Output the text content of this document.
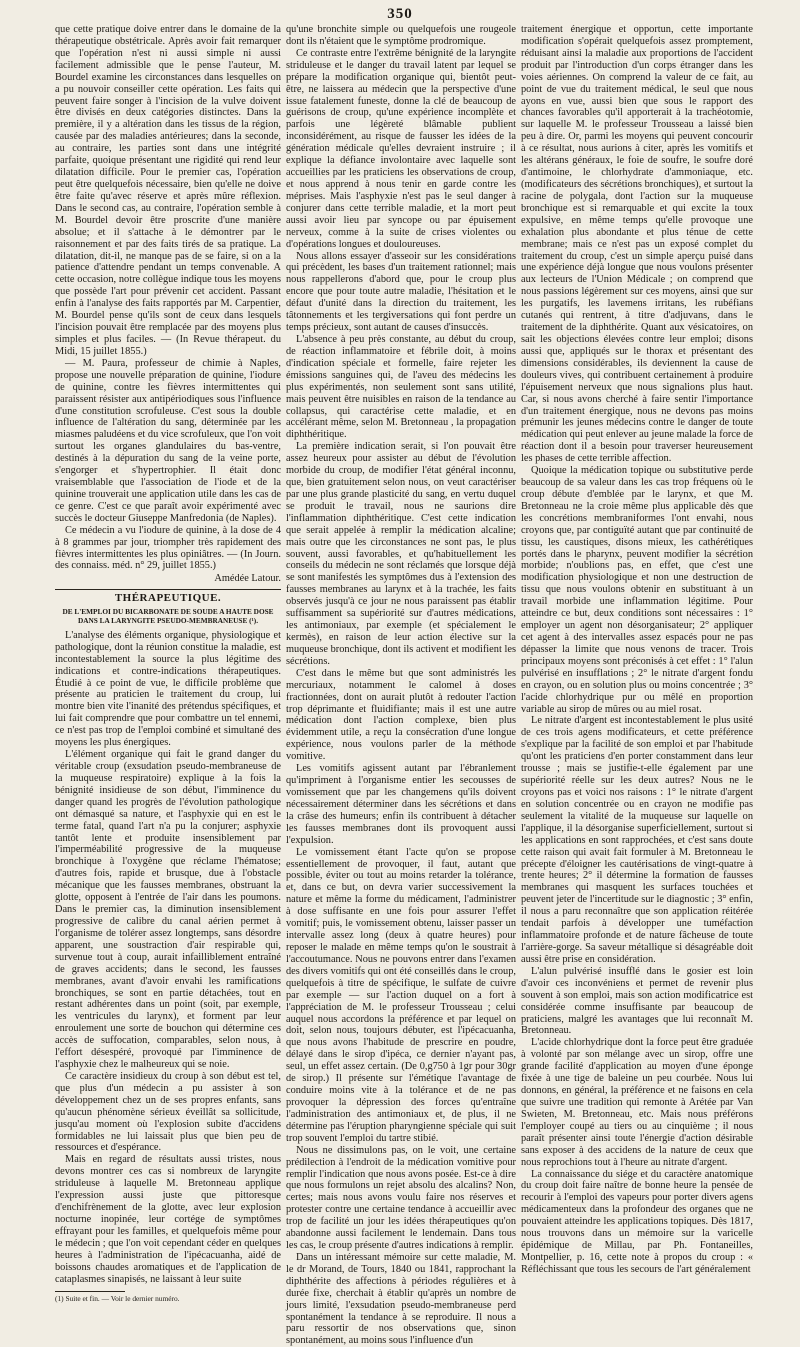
350

que cette pratique doive entrer dans le domaine de la thérapeutique obstétricale. Après avoir fait remarquer que l'opération n'est ni aussi simple ni aussi facilement admissible que le pense l'auteur, M. Bourdel examine les circonstances dans lesquelles on a pu nouvoir conseiller cette opération. Les faits qui peuvent faire songer à l'incision de la vulve doivent être divisés en deux catégories distinctes. Dans la première, il y a altération dans les tissus de la région, causée par des maladies antérieures; dans la seconde, au contraire, les parties sont dans une intégrité parfaite, quoique présentant une rigidité qui rend leur dilatation difficile. Pour le premier cas, l'opération peut être quelquefois nécessaire, bien qu'elle ne doive être faite qu'avec réserve et après mûre réflexion. Dans le second cas, au contraire, l'opération semble à M. Bourdel devoir être proscrite d'une manière absolue; et il s'attache à le démontrer par le raisonnement et par des faits tirés de sa pratique. La dilatation, dit-il, ne manque pas de se faire, si on a la patience d'attendre pendant un temps convenable. A cette occasion, notre collègue indique tous les moyens que possède l'art pour prévenir cet accident. Passant enfin à l'analyse des faits rapportés par M. Carpentier, M. Bourdel pense qu'ils sont de ceux dans lesquels l'incision pouvait être remplacée par des moyens plus simples et plus faciles. — (In Revue thérapeut. du Midi, 15 juillet 1855.)

— M. Paura, professeur de chimie à Naples, propose une nouvelle préparation de quinine, l'iodure de quinine, contre les fièvres intermittentes qui paraissent résister aux antipériodiques sous l'influence d'une constitution scrofuleuse. C'est sous la double influence de l'altération du sang, déterminée par les miasmes paludéens et du vice scrofuleux, que l'on voit surtout les organes glandulaires du bas-ventre, destinés à la dépuration du sang de la veine porte, s'engorger et s'hypertrophier. Il était donc vraisemblable que l'association de l'iode et de la quinine trouverait une application utile dans les cas de ce genre. C'est ce que paraît avoir expérimenté avec succès le docteur Giuseppe Manfredonia (de Naples).

Ce médecin a vu l'iodure de quinine, à la dose de 4 à 8 grammes par jour, triompher très rapidement des fièvres intermittentes les plus opiniâtres. — (In Journ. des connaiss. méd. n° 29, juillet 1855.)

Amédée Latour.
THÉRAPEUTIQUE.
DE L'EMPLOI DU BICARBONATE DE SOUDE A HAUTE DOSE DANS LA LARYNGITE PSEUDO-MEMBRANEUSE (¹).

L'analyse des éléments organique, physiologique et pathologique, dont la réunion constitue la maladie, est incontestablement la source la plus légitime des indications et contre-indications thérapeutiques. Étudié à ce point de vue, le difficile problème que présente au praticien le traitement du croup, lui montre bien vite l'inanité des prétendus spécifiques, et lui fait comprendre que pour combattre un tel ennemi, ce n'est pas trop de l'emploi combiné et simultané des moyens les plus énergiques.

L'élément organique qui fait le grand danger du véritable croup (exsudation pseudo-membraneuse de la muqueuse respiratoire) explique à la fois la bénignité insidieuse de son début, l'imminence du danger quand les progrès de l'évolution pathologique ont démasqué sa nature, et l'asphyxie qui en est le terme fatal, quand l'art n'a pu la conjurer; asphyxie tantôt lente et produite insensiblement par l'imperméabilité progressive de la muqueuse bronchique à l'oxygène que réclame l'hématose; d'autres fois, rapide et brusque, due à l'obstacle mécanique que les fausses membranes, obstruant la glotte, opposent à l'entrée de l'air dans les poumons. Dans le premier cas, la diminution insensiblement progressive de calibre du canal aérien permet à l'organisme de tolérer assez longtemps, sans désordre apparent, une soustraction d'air respirable qui, survenue tout à coup, aurait infailliblement entraîné de graves accidents; dans le second, les fausses membranes, avant d'avoir envahi les ramifications bronchiques, se sont en partie détachées, tout en restant adhérentes dans un point (soit, par exemple, les ventricules du larynx), et forment par leur enroulement une sorte de bouchon qui détermine ces accès de suffocation, comparables, selon nous, à l'effort désespéré, provoqué par l'imminence de l'asphyxie chez le malheureux qui se noie.

Ce caractère insidieux du croup à son début est tel, que plus d'un médecin a pu assister à son développement chez un de ses propres enfants, sans qu'aucun phénomène sérieux éveillât sa sollicitude, jusqu'au moment où l'explosion subite d'accidens formidables ne lui laissait plus que bien peu de ressources et d'espérance.

Mais en regard de résultats aussi tristes, nous devons montrer ces cas si nombreux de laryngite striduleuse à laquelle M. Bretonneau applique l'expression aussi juste que pittoresque d'enchifrènement de la glotte, avec leur explosion nocturne inopinée, leur cortége de symptômes effrayant pour les familles, et quelquefois même pour le médecin ; que l'on voit cependant céder en quelques heures à l'administration de l'ipécacuanha, aidé de boissons chaudes aromatiques et de l'application de cataplasmes sinapisés, ne laissant à leur suite

(1) Suite et fin. — Voir le dernier numéro.

qu'une bronchite simple ou quelquefois une rougeole dont ils n'étaient que le symptôme prodromique.

Ce contraste entre l'extrême bénignité de la laryngite striduleuse et le danger du travail latent par lequel se prépare la modification organique qui, bientôt peut-être, ne laissera au médecin que la perspective d'une issue fatalement funeste, donne la clé de beaucoup de guérisons de croup, qu'une expérience incomplète et parfois une légèreté blâmable publient inconsidérément, au risque de fausser les idées de la génération médicale qu'elles devraient instruire ; il explique la défiance involontaire avec laquelle sont accueillies par les praticiens les observations de croup, et nous apprend à nous tenir en garde contre les méprises. Mais l'asphyxie n'est pas le seul danger à conjurer dans cette terrible maladie, et la mort peut aussi avoir lieu par syncope ou par épuisement nerveux, comme à la suite de crises violentes ou d'opérations longues et douloureuses.

Nous allons essayer d'asseoir sur les considérations qui précèdent, les bases d'un traitement rationnel; mais nous rappellerons d'abord que, pour le croup plus encore que pour toute autre maladie, l'hésitation et le défaut d'unité dans la direction du traitement, les tâtonnements et les tergiversations qui font perdre un temps précieux, sont autant de causes d'insuccès.

L'absence à peu près constante, au début du croup, de réaction inflammatoire et fébrile doit, à moins d'indication spéciale et formelle, faire rejeter les émissions sanguines qui, de l'aveu des médecins les plus expérimentés, non seulement sont sans utilité, mais peuvent être nuisibles en raison de la tendance au collapsus, qui caractérise cette maladie, et en accélérant même, selon M. Bretonneau , la propagation diphthéritique.

La première indication serait, si l'on pouvait être assez heureux pour assister au début de l'évolution morbide du croup, de modifier l'état général inconnu, que, bien gratuitement selon nous, on veut caractériser par une plus grande plasticité du sang, en vertu duquel se produit le travail, nous ne saurions dire l'inflammation diphthéritique. C'est cette indication que serait appelée à remplir la médication alcaline; mais outre que les circonstances ne sont pas, le plus souvent, aussi favorables, et qu'habituellement les conseils du médecin ne sont réclamés que lorsque déjà se sont manifestés les symptômes dus à l'extension des fausses membranes au larynx et à la trachée, les faits observés jusqu'à ce jour ne nous paraissent pas établir suffisamment sa supériorité sur d'autres médications, les antimoniaux, par exemple (et spécialement le kermès), en raison de leur action élective sur la muqueuse bronchique, dont ils activent et modifient les sécrétions.

C'est dans le même but que sont administrés les mercuriaux, notamment le calomel à doses fractionnées, dont on aurait plutôt à redouter l'action trop déprimante et fluidifiante; mais il est une autre médication dont l'action complexe, bien plus évidemment utile, a reçu la consécration d'une longue expérience, nous voulons parler de la méthode vomitive.

Les vomitifs agissent autant par l'ébranlement qu'impriment à l'organisme entier les secousses de vomissement que par les changemens qu'ils doivent nécessairement déterminer dans les sécrétions et dans la crâse des humeurs; enfin ils contribuent à détacher les fausses membranes dont ils provoquent aussi l'expulsion.

Le vomissement étant l'acte qu'on se propose essentiellement de provoquer, il faut, autant que possible, éviter ou tout au moins retarder la tolérance, et, dans ce but, on devra varier successivement la nature et même la forme du médicament, l'administrer à dose suffisante en une fois pour assurer l'effet vomitif; puis, le vomissement obtenu, laisser passer un intervalle assez long (deux à quatre heures) pour reposer le malade en même temps qu'on le soustrait à l'accoutumance. Nous ne pouvons entrer dans l'examen des divers vomitifs qui ont été conseillés dans le croup, quelquefois à titre de spécifique, le sulfate de cuivre par exemple — sur l'action duquel on a fort à l'appréciation de M. le professeur Trousseau ; celui auquel nous accordons la préférence et par lequel on doit, selon nous, toujours débuter, est l'ipécacuanha, que nous avons l'habitude de prescrire en poudre, délayé dans le sirop d'ipéca, ce dernier n'ayant pas, seul, un effet assez certain. (De 0,g750 à 1gr pour 30gr de sirop.) Il présente sur l'émétique l'avantage de conduire moins vite à la tolérance et de ne pas provoquer la dépression des forces qu'entraîne l'administration des antimoniaux et, de plus, il ne détermine pas l'éruption pharyngienne spéciale qui suit trop souvent l'emploi du tartre stibié.

Nous ne dissimulons pas, on le voit, une certaine prédilection à l'endroit de la médication vomitive pour remplir l'indication que nous avons posée. Est-ce à dire que nous formulons un rejet absolu des alcalins? Non, certes; mais nous avons voulu faire nos réserves et protester contre une certaine tendance à accueillir avec trop de facilité un jour les idées thérapeutiques qu'on abandonne aussi facilement le lendemain. Dans tous les cas, le croup présente d'autres indications à remplir.

Dans un intéressant mémoire sur cette maladie, M. le dr Morand, de Tours, 1840 ou 1841, rapprochant la diphthérite des affections à périodes régulières et à durée fixe, cherchait à établir qu'après un nombre de jours limité, l'exsudation pseudo-membraneuse perd spontanément la tendance à se reproduire. Il nous a paru ressortir de nos observations que, sinon spontanément, au moins sous l'influence d'un

traitement énergique et opportun, cette importante modification s'opérait quelquefois assez promptement, réduisant ainsi la maladie aux proportions de l'accident produit par l'introduction d'un corps étranger dans les voies aériennes. On comprend la valeur de ce fait, au point de vue du traitement médical, le seul que nous ayons en vue, aussi bien que sous le rapport des chances favorables qu'il apporterait à la trachéotomie, sur laquelle M. le professeur Trousseau a laissé bien peu à dire. Or, parmi les moyens qui peuvent concourir à ce résultat, nous aurions à citer, après les vomitifs et les altérans généraux, le foie de soufre, le soufre doré d'antimoine, le chlorhydrate d'ammoniaque, etc. (modificateurs des sécrétions bronchiques), et surtout la racine de polygala, dont l'action sur la muqueuse bronchique est si remarquable et qui excite la toux expulsive, en même temps qu'elle provoque une exhalation plus abondante et plus ténue de cette membrane; mais ce n'est pas un exposé complet du traitement du croup, c'est un simple aperçu puisé dans une expérience déjà longue que nous voulons présenter aux lecteurs de l'Union Médicale ; on comprend que nous passions légèrement sur ces moyens, ainsi que sur les purgatifs, les lavemens irritans, les rubéfians cutanés qui rentrent, à titre d'adjuvans, dans le traitement de la diphthérite. Quant aux vésicatoires, on sait les objections élevées contre leur emploi; disons aussi que, appliqués sur le thorax et présentant des dimensions considérables, ils deviennent la cause de douleurs vives, qui contribuent certainement à produire l'épuisement nerveux que nous signalions plus haut. Car, si nous avons cherché à faire sentir l'importance d'un traitement énergique, nous ne devons pas moins prémunir les jeunes médecins contre le danger de toute médication qui peut enlever au jeune malade la force de réaction dont il a besoin pour traverser heureusement les phases de cette terrible affection.

Quoique la médication topique ou substitutive perde beaucoup de sa valeur dans les cas trop fréquens où le croup débute d'emblée par le larynx, et que M. Bretonneau ne la croie même plus applicable dès que les concrétions membraniformes l'ont envahi, nous croyons que, par contiguïté autant que par continuité de tissu, les caustiques, disons mieux, les cathérétiques portés dans le pharynx, peuvent modifier la sécrétion morbide; n'oublions pas, en effet, que c'est une modification physiologique et non une destruction de tissu que nous voulons obtenir en substituant à un travail morbide une inflammation légitime. Pour atteindre ce but, deux conditions sont nécessaires : 1° employer un agent non désorganisateur; 2° appliquer cet agent à des intervalles assez espacés pour ne pas dépasser la limite que nous venons de tracer. Trois principaux moyens sont préconisés à cet effet : 1° l'alun pulvérisé en insufflations ; 2° le nitrate d'argent fondu en crayon, ou en solution plus ou moins concentrée ; 3° l'acide chlorhydrique pur ou mêlé en proportion variable au sirop de mûres ou au miel rosat.

Le nitrate d'argent est incontestablement le plus usité de ces trois agens modificateurs, et cette préférence s'explique par la facilité de son emploi et par l'habitude qu'ont les praticiens d'en porter constamment dans leur trousse ; mais se justifie-t-elle également par une supériorité réelle sur les deux autres? Nous ne le croyons pas et voici nos raisons : 1° le nitrate d'argent en solution concentrée ou en crayon ne modifie pas seulement la vitalité de la muqueuse sur laquelle on l'applique, il la désorganise superficiellement, surtout si les applications en sont rapprochées, et c'est sans doute cette raison qui avait fait formuler à M. Bretonneau le précepte d'éloigner les cautérisations de vingt-quatre à trente heures; 2° il détermine la formation de fausses membranes qui masquent les surfaces touchées et peuvent jeter de l'incertitude sur le diagnostic ; 3° enfin, il nous a paru reconnaître que son application réitérée tendait parfois à développer une tuméfaction inflammatoire profonde et de nature fâcheuse de toute l'arrière-gorge. Sa saveur métallique si désagréable doit aussi être prise en considération.

L'alun pulvérisé insufflé dans le gosier est loin d'avoir ces inconvéniens et permet de revenir plus souvent à son emploi, mais son action modificatrice est considérée comme insuffisante par beaucoup de praticiens, malgré les avantages que lui reconnaît M. Bretonneau.

L'acide chlorhydrique dont la force peut être graduée à volonté par son mélange avec un sirop, offre une grande facilité d'application au moyen d'une éponge fixée à une tige de baleine un peu courbée. Nous lui donnons, en général, la préférence et ne faisons en cela que suivre une tradition qui remonte à Arétée par Van Swieten, M. Bretonneau, etc. Mais nous préférons l'employer coupé au tiers ou au cinquième ; il nous paraît présenter ainsi toute l'énergie d'action désirable sans exposer à des accidens de la nature de ceux que nous reprochions tout à l'heure au nitrate d'argent.

La connaissance du siége et du caractère anatomique du croup doit faire naître de bonne heure la pensée de recourir à l'emploi des vapeurs pour porter divers agens médicamenteux dans la profondeur des organes que ne pouvaient atteindre les applications topiques. Dès 1817, nous trouvons dans un mémoire sur la varicelle épidémique de Millau, par Ph. Fontaneilles, Montpellier, p. 16, cette note à propos du croup : « Réfléchissant que tous les secours de l'art généralement
